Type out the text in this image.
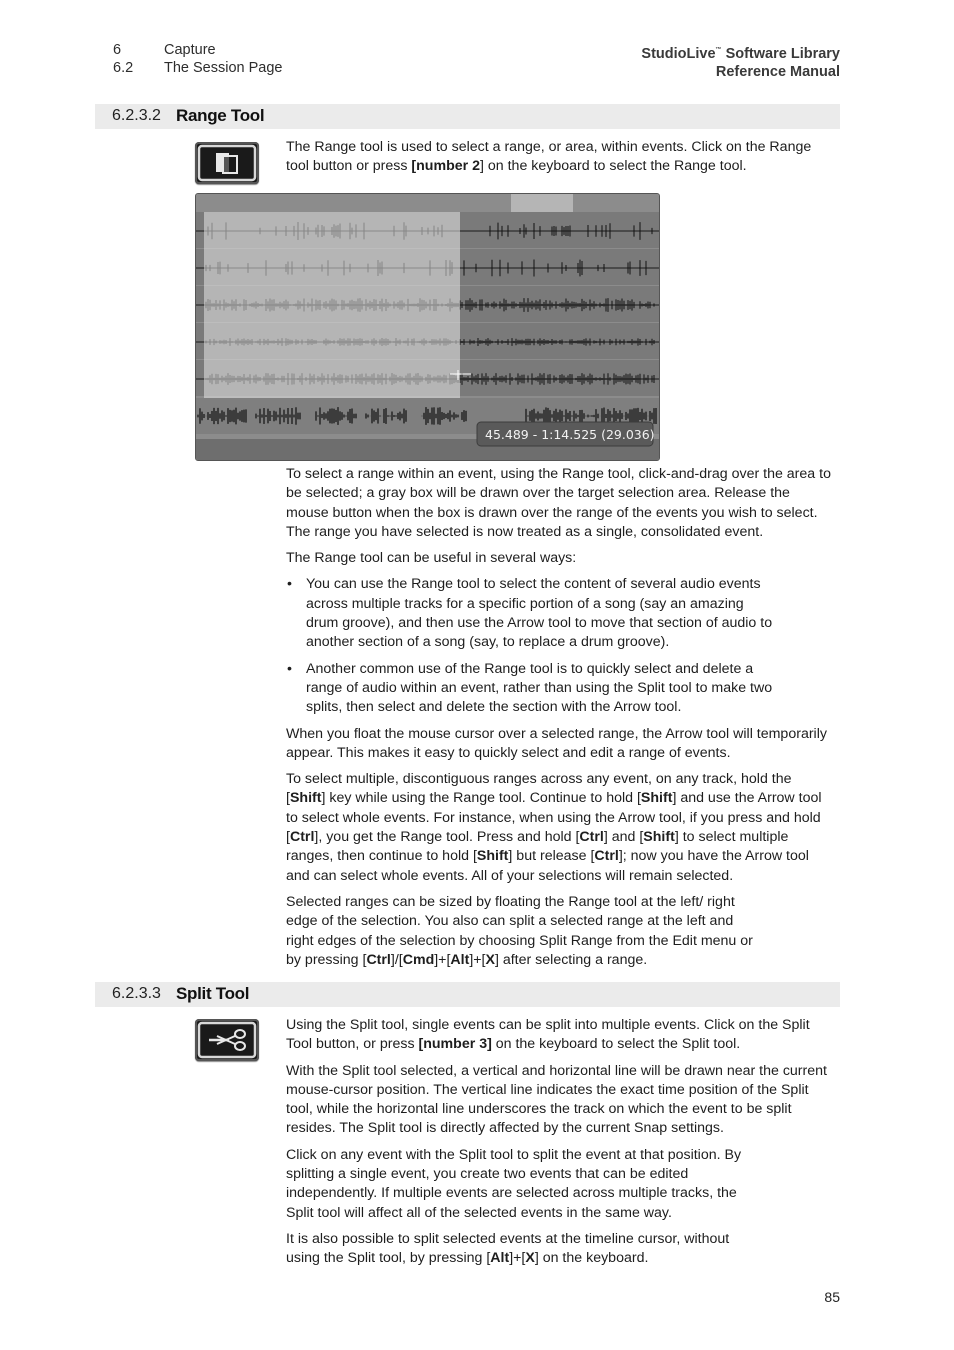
6	Capture
6.2	The Session Page
StudioLive™ Software Library
Reference Manual
6.2.3.2 Range Tool

The Range tool is used to select a range, or area, within events. Click on the Range tool button or press [number 2] on the keyboard to select the Range tool.

45.489 - 1:14.525 (29.036)

To select a range within an event, using the Range tool, click-and-drag over the area to be selected; a gray box will be drawn over the target selection area. Release the mouse button when the box is drawn over the range of the events you wish to select. The range you have selected is now treated as a single, consolidated event.

The Range tool can be useful in several ways:

• You can use the Range tool to select the content of several audio events across multiple tracks for a specific portion of a song (say an amazing drum groove), and then use the Arrow tool to move that section of audio to another section of a song (say, to replace a drum groove).
• Another common use of the Range tool is to quickly select and delete a range of audio within an event, rather than using the Split tool to make two splits, then select and delete the section with the Arrow tool.

When you float the mouse cursor over a selected range, the Arrow tool will temporarily appear. This makes it easy to quickly select and edit a range of events.

To select multiple, discontiguous ranges across any event, on any track, hold the [Shift] key while using the Range tool. Continue to hold [Shift] and use the Arrow tool to select whole events. For instance, when using the Arrow tool, if you press and hold [Ctrl], you get the Range tool. Press and hold [Ctrl] and [Shift] to select multiple ranges, then continue to hold [Shift] but release [Ctrl]; now you have the Arrow tool and can select whole events. All of your selections will remain selected.

Selected ranges can be sized by floating the Range tool at the left/ right edge of the selection. You also can split a selected range at the left and right edges of the selection by choosing Split Range from the Edit menu or by pressing [Ctrl]/[Cmd]+[Alt]+[X] after selecting a range.

6.2.3.3 Split Tool

Using the Split tool, single events can be split into multiple events. Click on the Split Tool button, or press [number 3] on the keyboard to select the Split tool.

With the Split tool selected, a vertical and horizontal line will be drawn near the current mouse-cursor position. The vertical line indicates the exact time position of the Split tool, while the horizontal line underscores the track on which the event to be split resides. The Split tool is directly affected by the current Snap settings.

Click on any event with the Split tool to split the event at that position. By splitting a single event, you create two events that can be edited independently. If multiple events are selected across multiple tracks, the Split tool will affect all of the selected events in the same way.

It is also possible to split selected events at the timeline cursor, without using the Split tool, by pressing [Alt]+[X] on the keyboard.

85
